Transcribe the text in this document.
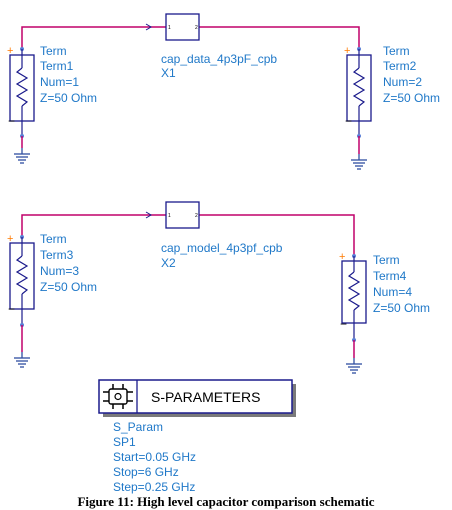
1	2
cap_data_4p3pF_cpb
X1
+
−
Term
Term1
Num=1
Z=50 Ohm
+
−
Term
Term2
Num=2
Z=50 Ohm
1	2
cap_model_4p3pf_cpb
X2
+
−
Term
Term3
Num=3
Z=50 Ohm
+
−
Term
Term4
Num=4
Z=50 Ohm
S-PARAMETERS
S_Param
SP1
Start=0.05 GHz
Stop=6 GHz
Step=0.25 GHz

Figure 11: High level capacitor comparison schematic
